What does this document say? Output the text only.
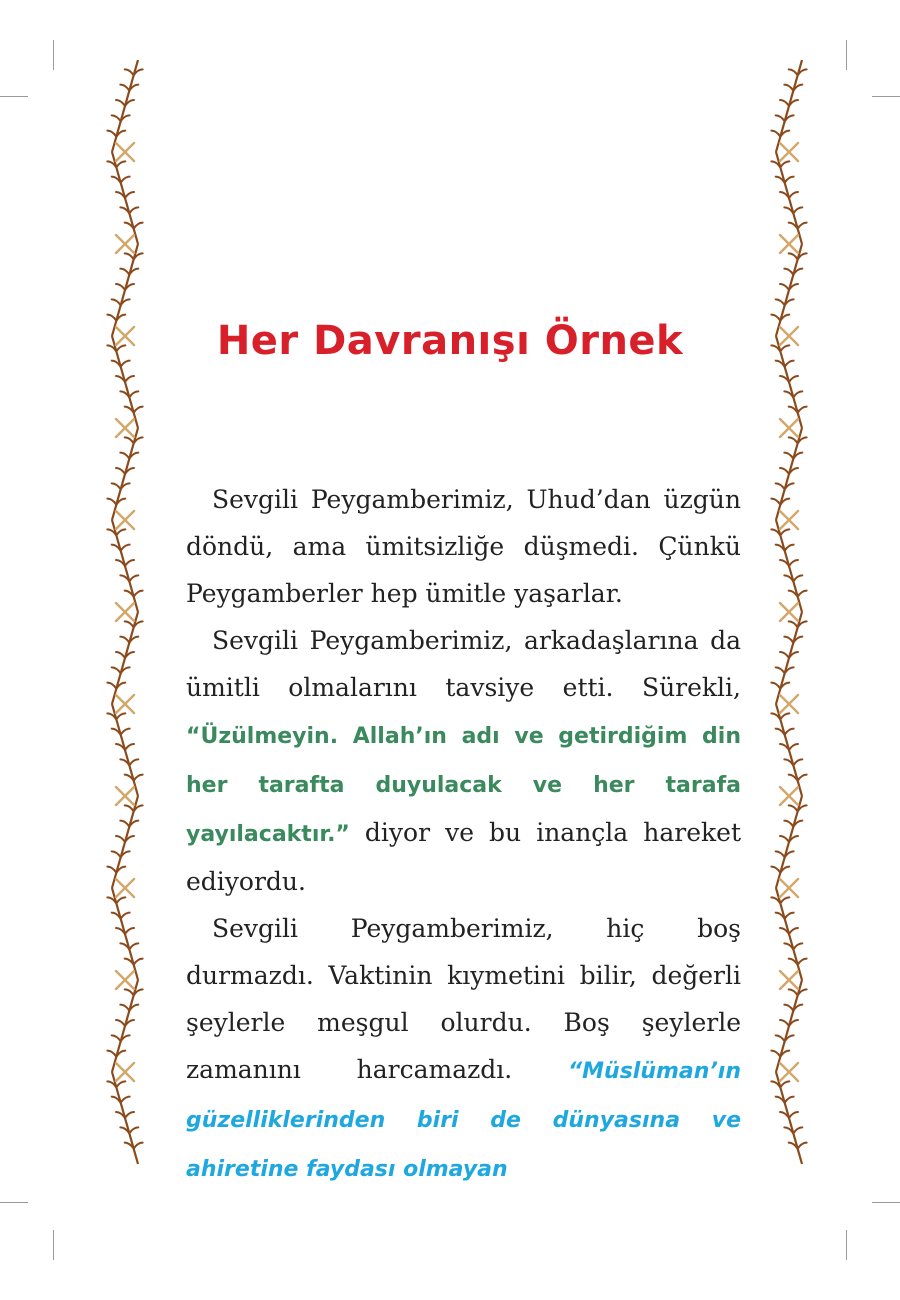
Her Davranışı Örnek

Sevgili Peygamberimiz, Uhud’dan üzgün döndü, ama ümitsizliğe düşmedi. Çünkü Peygamberler hep ümitle yaşarlar.

Sevgili Peygamberimiz, arkadaşlarına da ümitli olmalarını tavsiye etti. Sürekli, “Üzülmeyin. Allah’ın adı ve getirdiğim din her tarafta duyulacak ve her tarafa yayılacaktır.” diyor ve bu inançla hareket ediyordu.

Sevgili Peygamberimiz, hiç boş durmazdı. Vaktinin kıymetini bilir, değerli şeylerle meşgul olurdu. Boş şeylerle zamanını harcamazdı. “Müslüman’ın güzelliklerinden biri de dünyasına ve ahiretine faydası olmayan
